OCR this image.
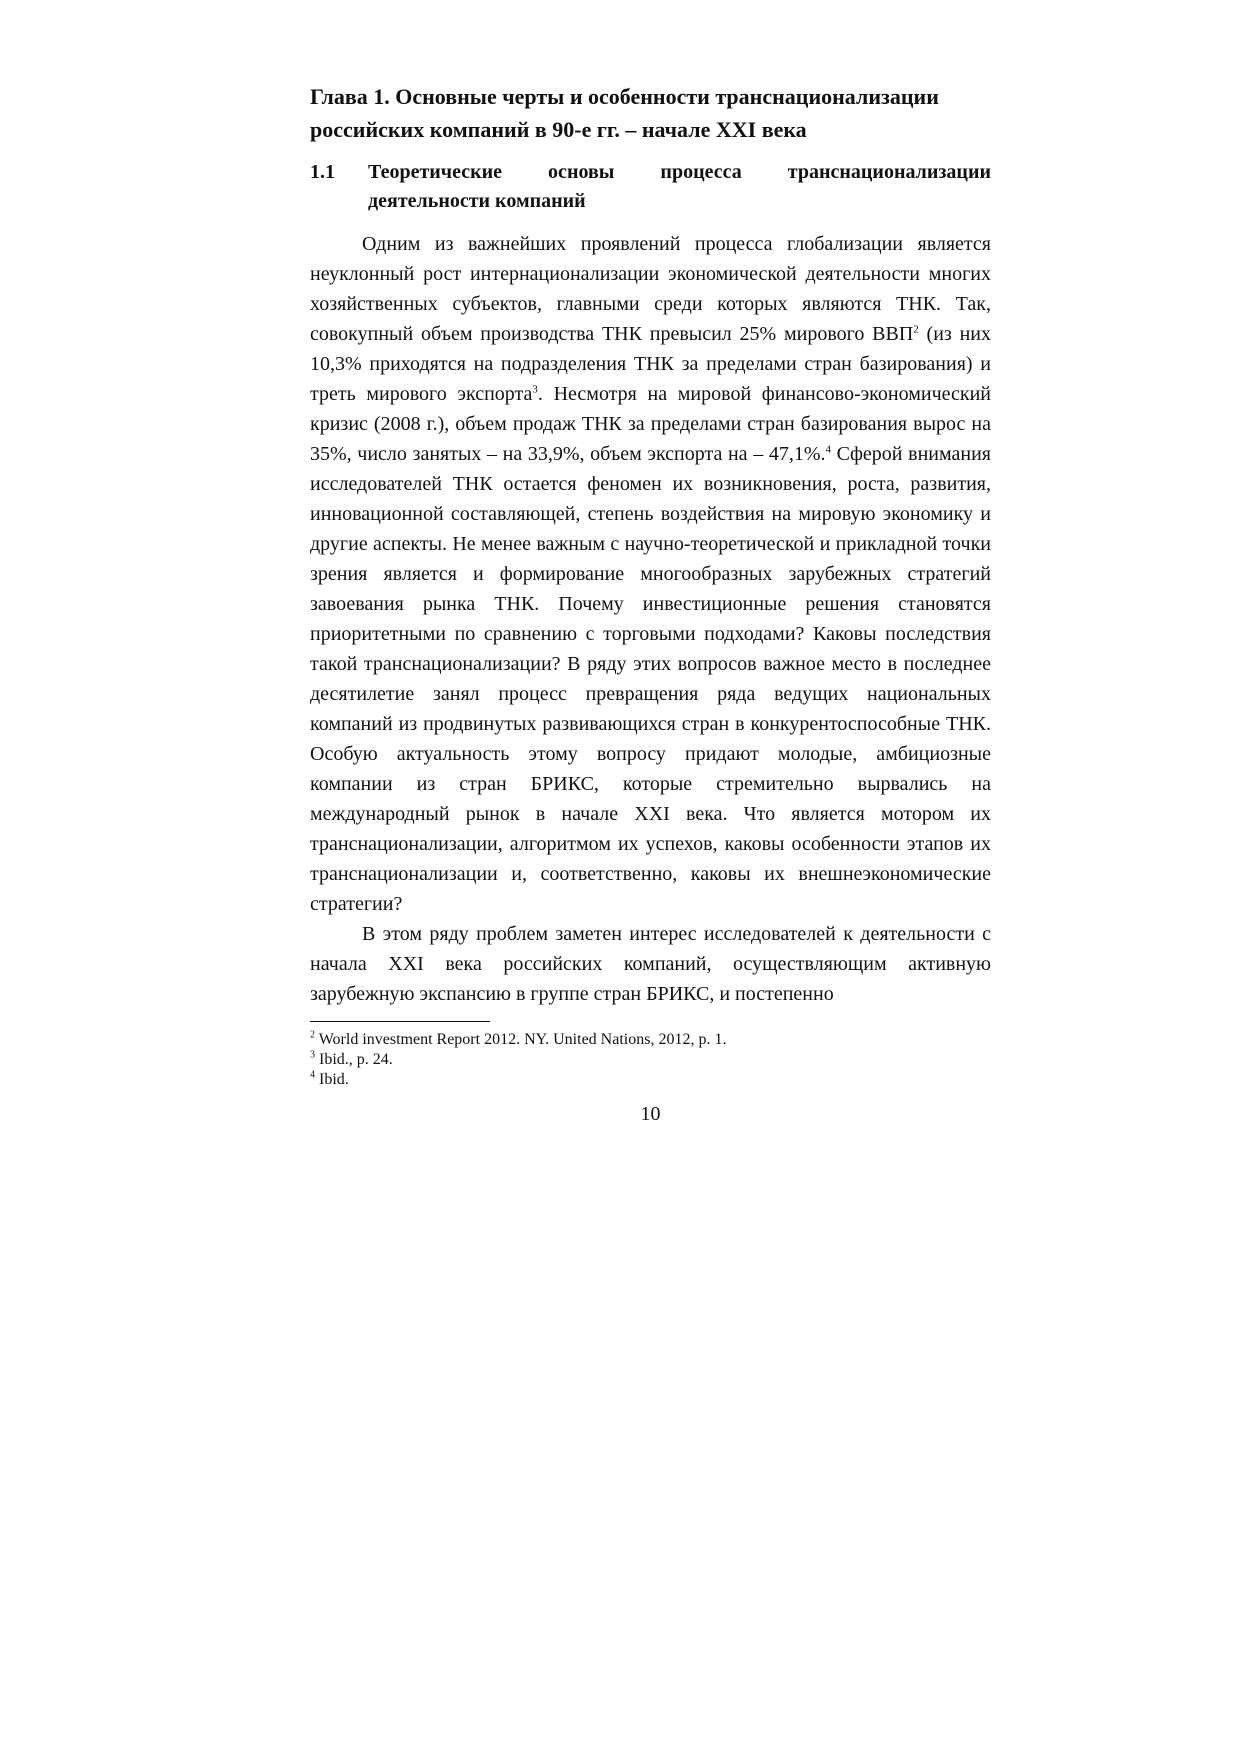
Глава 1. Основные черты и особенности транснационализации российских компаний в 90-е гг. – начале XXI века
1.1	Теоретические основы процесса транснационализации
деятельности компаний

Одним из важнейших проявлений процесса глобализации является неуклонный рост интернационализации экономической деятельности многих хозяйственных субъектов, главными среди которых являются ТНК. Так, совокупный объем производства ТНК превысил 25% мирового ВВП$^2$ (из них 10,3% приходятся на подразделения ТНК за пределами стран базирования) и треть мирового экспорта$^3$. Несмотря на мировой финансово-экономический кризис (2008 г.), объем продаж ТНК за пределами стран базирования вырос на 35%, число занятых – на 33,9%, объем экспорта на – 47,1%.$^4$ Сферой внимания исследователей ТНК остается феномен их возникновения, роста, развития, инновационной составляющей, степень воздействия на мировую экономику и другие аспекты. Не менее важным с научно-теоретической и прикладной точки зрения является и формирование многообразных зарубежных стратегий завоевания рынка ТНК. Почему инвестиционные решения становятся приоритетными по сравнению с торговыми подходами? Каковы последствия такой транснационализации? В ряду этих вопросов важное место в последнее десятилетие занял процесс превращения ряда ведущих национальных компаний из продвинутых развивающихся стран в конкурентоспособные ТНК. Особую актуальность этому вопросу придают молодые, амбициозные компании из стран БРИКС, которые стремительно вырвались на международный рынок в начале XXI века. Что является мотором их транснационализации, алгоритмом их успехов, каковы особенности этапов их транснационализации и, соответственно, каковы их внешнеэкономические стратегии?

В этом ряду проблем заметен интерес исследователей к деятельности с начала XXI века российских компаний, осуществляющим активную зарубежную экспансию в группе стран БРИКС, и постепенно

$^2$ World investment Report 2012. NY. United Nations, 2012, p. 1.

$^3$ Ibid., p. 24.

$^4$ Ibid.

10
